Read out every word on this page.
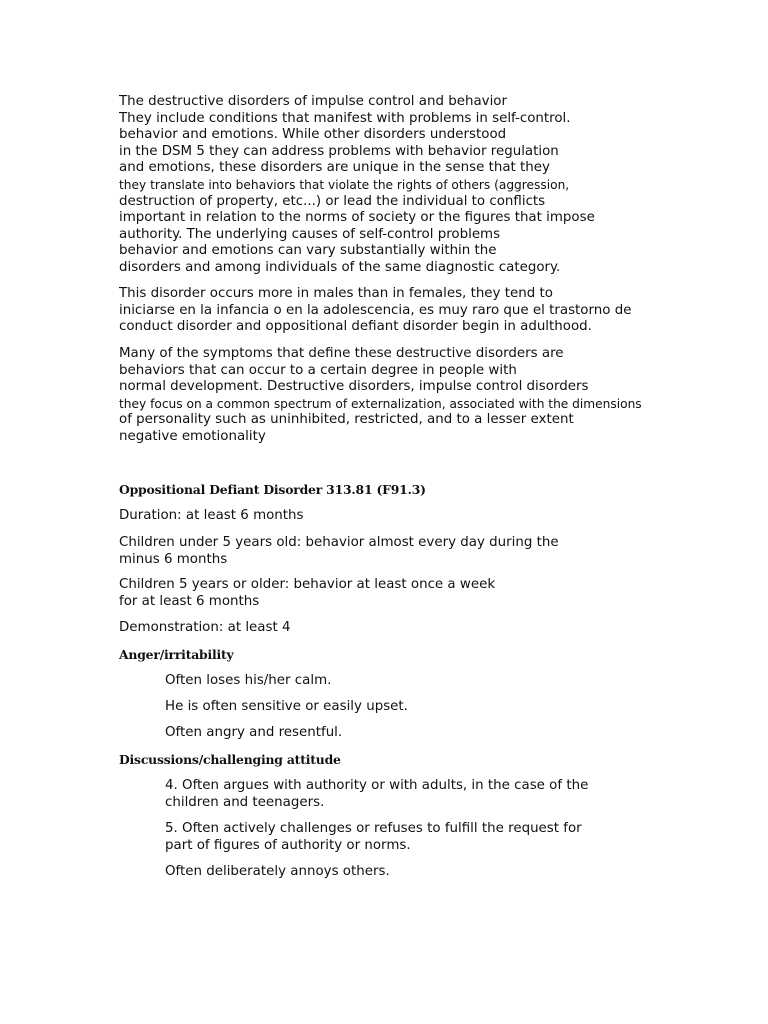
The destructive disorders of impulse control and behavior
They include conditions that manifest with problems in self-control.
behavior and emotions. While other disorders understood
in the DSM 5 they can address problems with behavior regulation
and emotions, these disorders are unique in the sense that they
they translate into behaviors that violate the rights of others (aggression,
destruction of property, etc...) or lead the individual to conflicts
important in relation to the norms of society or the figures that impose
authority. The underlying causes of self-control problems
behavior and emotions can vary substantially within the
disorders and among individuals of the same diagnostic category.

This disorder occurs more in males than in females, they tend to
iniciarse en la infancia o en la adolescencia, es muy raro que el trastorno de
conduct disorder and oppositional defiant disorder begin in adulthood.

Many of the symptoms that define these destructive disorders are
behaviors that can occur to a certain degree in people with
normal development. Destructive disorders, impulse control disorders
they focus on a common spectrum of externalization, associated with the dimensions
of personality such as uninhibited, restricted, and to a lesser extent
negative emotionality

Oppositional Defiant Disorder 313.81 (F91.3)

Duration: at least 6 months

Children under 5 years old: behavior almost every day during the
minus 6 months

Children 5 years or older: behavior at least once a week
for at least 6 months

Demonstration: at least 4

Anger/irritability

Often loses his/her calm.

He is often sensitive or easily upset.

Often angry and resentful.

Discussions/challenging attitude

4. Often argues with authority or with adults, in the case of the
children and teenagers.

5. Often actively challenges or refuses to fulfill the request for
part of figures of authority or norms.

Often deliberately annoys others.
